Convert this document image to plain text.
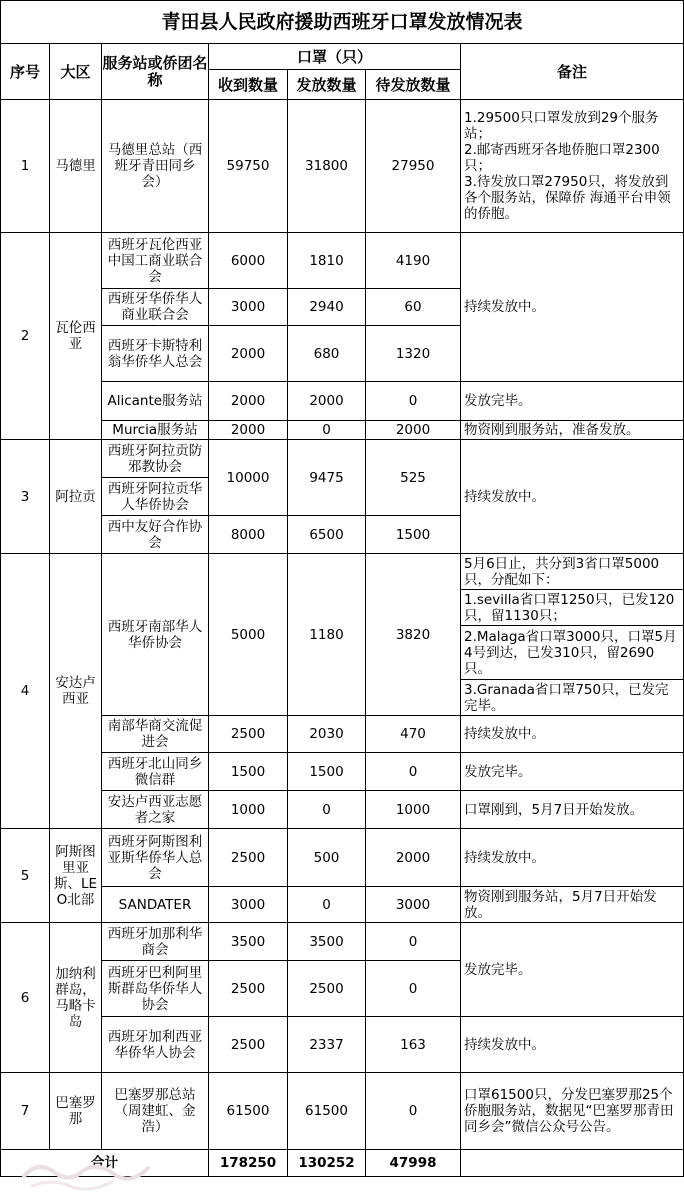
青田县人民政府援助西班牙口罩发放情况表						
序号	大区	服务站或侨团名称	口罩（只）			备注
			收到数量	发放数量	待发放数量	
1	马德里	马德里总站（西班牙青田同乡会）	59750	31800	27950	1.29500只口罩发放到29个服务站；
2.邮寄西班牙各地侨胞口罩2300只；
3.待发放口罩27950只，将发放到各个服务站，保障侨 海通平台申领的侨胞。

2	瓦伦西亚	西班牙瓦伦西亚中国工商业联合会	6000	1810	4190	持续发放中。
		西班牙华侨华人商业联合会	3000	2940	60	
		西班牙卡斯特利翁华侨华人总会	2000	680	1320	
		Alicante服务站	2000	2000	0	发放完毕。
		Murcia服务站	2000	0	2000	物资刚到服务站，准备发放。
3	阿拉贡	西班牙阿拉贡防邪教协会	10000	9475	525	持续发放中。
		西班牙阿拉贡华人华侨协会				
		西中友好合作协会	8000	6500	1500	
4	安达卢西亚	西班牙南部华人华侨协会	5000	1180	3820	5月6日止，共分到3省口罩5000只，分配如下：
						1.sevilla省口罩1250只，已发120只，留1130只；
						2.Malaga省口罩3000只，口罩5月4号到达，已发310只，留2690只。
						3.Granada省口罩750只，已发完完毕。
		南部华商交流促进会	2500	2030	470	持续发放中。
		西班牙北山同乡微信群	1500	1500	0	发放完毕。
		安达卢西亚志愿者之家	1000	0	1000	口罩刚到，5月7日开始发放。
5	阿斯图里亚斯、LEO北部	西班牙阿斯图利亚斯华侨华人总会	2500	500	2000	持续发放中。
		SANDATER	3000	0	3000	物资刚到服务站，5月7日开始发放。
6	加纳利群岛，马略卡岛	西班牙加那利华商会	3500	3500	0	发放完毕。
		西班牙巴利阿里斯群岛华侨华人协会	2500	2500	0	
		西班牙加利西亚华侨华人协会	2500	2337	163	持续发放中。
7	巴塞罗那	巴塞罗那总站（周建虹、金浩）	61500	61500	0	口罩61500只，分发巴塞罗那25个侨胞服务站，数据见“巴塞罗那青田同乡会”微信公众号公告。
合计			178250	130252	47998	
